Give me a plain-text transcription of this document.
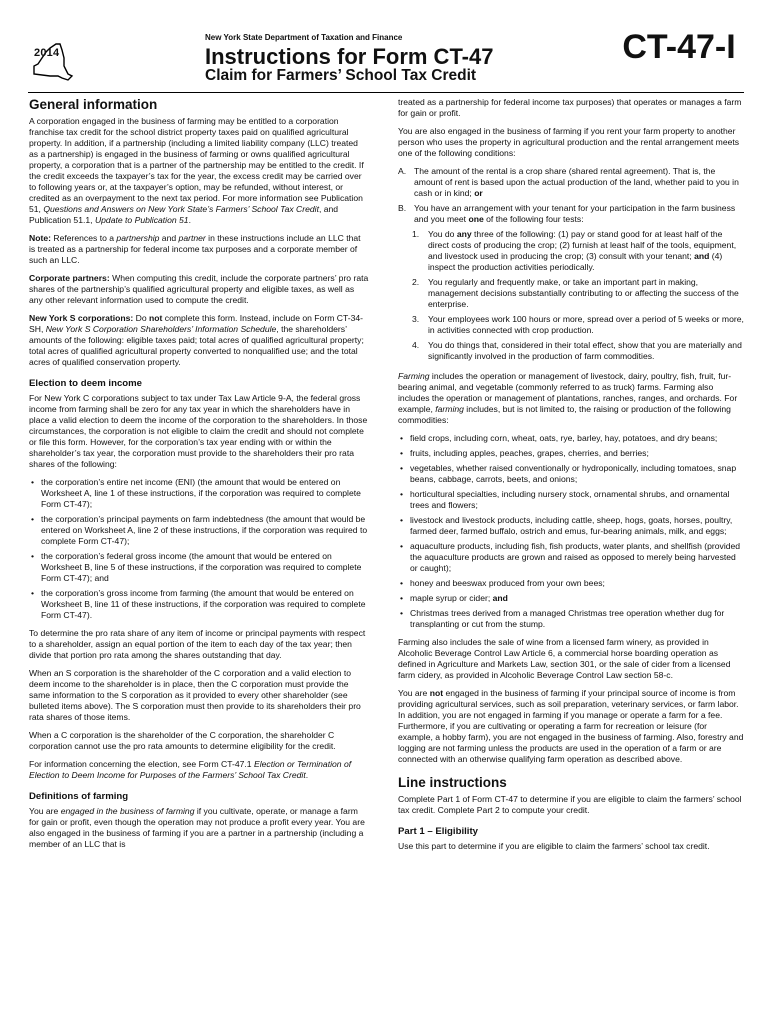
2014
New York State Department of Taxation and Finance
Instructions for Form CT-47
Claim for Farmers’ School Tax Credit
CT-47-I
General information

A corporation engaged in the business of farming may be entitled to a corporation franchise tax credit for the school district property taxes paid on qualified agricultural property. In addition, if a partnership (including a limited liability company (LLC) treated as a partnership) is engaged in the business of farming or owns qualified agricultural property, a corporation that is a partner of the partnership may be entitled to the credit. If the credit exceeds the taxpayer’s tax for the year, the excess credit may be carried over to following years or, at the taxpayer’s option, may be refunded, without interest, or credited as an overpayment to the next tax period. For more information see Publication 51, Questions and Answers on New York State’s Farmers’ School Tax Credit, and Publication 51.1, Update to Publication 51.

Note: References to a partnership and partner in these instructions include an LLC that is treated as a partnership for federal income tax purposes and a corporate member of such an LLC.

Corporate partners: When computing this credit, include the corporate partners’ pro rata shares of the partnership’s qualified agricultural property and eligible taxes, as well as any other relevant information used to compute the credit.

New York S corporations: Do not complete this form. Instead, include on Form CT-34-SH, New York S Corporation Shareholders’ Information Schedule, the shareholders’ amounts of the following: eligible taxes paid; total acres of qualified agricultural property; total acres of qualified agricultural property converted to nonqualified use; and the total acres of qualified conservation property.

Election to deem income

For New York C corporations subject to tax under Tax Law Article 9-A, the federal gross income from farming shall be zero for any tax year in which the shareholders have in place a valid election to deem the income of the corporation to the shareholders. In those circumstances, the corporation is not eligible to claim the credit and should not complete or file this form. However, for the corporation’s tax year ending with or within the shareholder’s tax year, the corporation must provide to the shareholders their pro rata shares of the following:

• the corporation’s entire net income (ENI) (the amount that would be entered on Worksheet A, line 1 of these instructions, if the corporation was required to complete Form CT-47);
• the corporation’s principal payments on farm indebtedness (the amount that would be entered on Worksheet A, line 2 of these instructions, if the corporation was required to complete Form CT-47);
• the corporation’s federal gross income (the amount that would be entered on Worksheet B, line 5 of these instructions, if the corporation was required to complete Form CT-47); and
• the corporation’s gross income from farming (the amount that would be entered on Worksheet B, line 11 of these instructions, if the corporation was required to complete Form CT-47).

To determine the pro rata share of any item of income or principal payments with respect to a shareholder, assign an equal portion of the item to each day of the tax year; then divide that portion pro rata among the shares outstanding that day.

When an S corporation is the shareholder of the C corporation and a valid election to deem income to the shareholder is in place, then the C corporation must provide the same information to the S corporation as it provided to every other shareholder (see bulleted items above). The S corporation must then provide to its shareholders their pro rata shares of those items.

When a C corporation is the shareholder of the C corporation, the shareholder C corporation cannot use the pro rata amounts to determine eligibility for the credit.

For information concerning the election, see Form CT-47.1 Election or Termination of Election to Deem Income for Purposes of the Farmers’ School Tax Credit.

Definitions of farming

You are engaged in the business of farming if you cultivate, operate, or manage a farm for gain or profit, even though the operation may not produce a profit every year. You are also engaged in the business of farming if you are a partner in a partnership (including a member of an LLC that is

treated as a partnership for federal income tax purposes) that operates or manages a farm for gain or profit.

You are also engaged in the business of farming if you rent your farm property to another person who uses the property in agricultural production and the rental arrangement meets one of the following conditions:

A. The amount of the rental is a crop share (shared rental agreement). That is, the amount of rent is based upon the actual production of the land, whether paid to you in cash or in kind; or
B. You have an arrangement with your tenant for your participation in the farm business and you meet one of the following four tests:
1. You do any three of the following: (1) pay or stand good for at least half of the direct costs of producing the crop; (2) furnish at least half of the tools, equipment, and livestock used in producing the crop; (3) consult with your tenant; and (4) inspect the production activities periodically.
2. You regularly and frequently make, or take an important part in making, management decisions substantially contributing to or affecting the success of the enterprise.
3. Your employees work 100 hours or more, spread over a period of 5 weeks or more, in activities connected with crop production.
4. You do things that, considered in their total effect, show that you are materially and significantly involved in the production of farm commodities.

Farming includes the operation or management of livestock, dairy, poultry, fish, fruit, fur-bearing animal, and vegetable (commonly referred to as truck) farms. Farming also includes the operation or management of plantations, ranches, ranges, and orchards. For example, farming includes, but is not limited to, the raising or production of the following commodities:

• field crops, including corn, wheat, oats, rye, barley, hay, potatoes, and dry beans;
• fruits, including apples, peaches, grapes, cherries, and berries;
• vegetables, whether raised conventionally or hydroponically, including tomatoes, snap beans, cabbage, carrots, beets, and onions;
• horticultural specialties, including nursery stock, ornamental shrubs, and ornamental trees and flowers;
• livestock and livestock products, including cattle, sheep, hogs, goats, horses, poultry, farmed deer, farmed buffalo, ostrich and emus, fur-bearing animals, milk, and eggs;
• aquaculture products, including fish, fish products, water plants, and shellfish (provided the aquaculture products are grown and raised as opposed to merely being harvested or caught);
• honey and beeswax produced from your own bees;
• maple syrup or cider; and
• Christmas trees derived from a managed Christmas tree operation whether dug for transplanting or cut from the stump.

Farming also includes the sale of wine from a licensed farm winery, as provided in Alcoholic Beverage Control Law Article 6, a commercial horse boarding operation as defined in Agriculture and Markets Law, section 301, or the sale of cider from a licensed farm cidery, as provided in Alcoholic Beverage Control Law section 58-c.

You are not engaged in the business of farming if your principal source of income is from providing agricultural services, such as soil preparation, veterinary services, or farm labor. In addition, you are not engaged in farming if you manage or operate a farm for a fee. Furthermore, if you are cultivating or operating a farm for recreation or leisure (for example, a hobby farm), you are not engaged in the business of farming. Also, forestry and logging are not farming unless the products are used in the operation of a farm or are connected with an otherwise qualifying farm operation as described above.

Line instructions

Complete Part 1 of Form CT-47 to determine if you are eligible to claim the farmers’ school tax credit. Complete Part 2 to compute your credit.

Part 1 – Eligibility

Use this part to determine if you are eligible to claim the farmers’ school tax credit.
